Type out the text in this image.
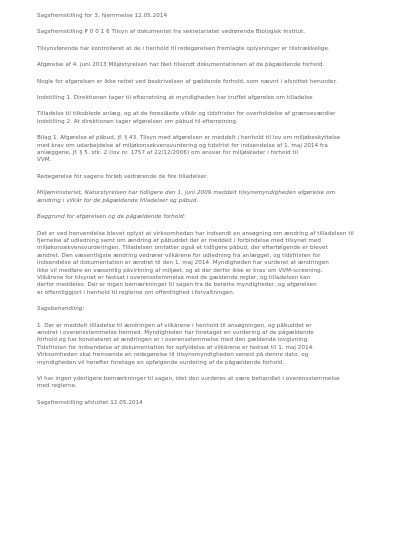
Sagsfremstilling for 3. hjemmelse 12.05.2014
Sagsfremstilling P 0 0 1 6 Tilsyn af dokumentet fra sekretariatet vedrørende Biologisk Institut.
Tilsynsførende har kontrolleret at de i henhold til redegørelsen fremlagte oplysninger er tilstrækkelige.
Afgørelse af 4. juni 2013 Miljøstyrelsen har fået tilsendt dokumentationen af de pågældende forhold.
Nogle for afgørelsen er ikke rettet ved beskrivelsen af gældende forhold, som nævnt i afsnittet herunder.
Indstilling 1. Direktionen tager til efterretning at myndigheden har truffet afgørelse om tilladelse
Tilladelse til tilkoblede anlæg, og at de foreslåede vilkår og tidsfrister for overholdelse af grænseværdier
Indstilling 2. At direktionen tager afgørelsen om påbud til efterretning.
Bilag 1. Afgørelse af påbud, jf. § 43. Tilsyn med afgørelsen er meddelt i henhold til lov om miljøbeskyttelse
med krav om udarbejdelse af miljøkonsekvensvurdering og tidsfrist for indsendelse af 1. maj 2014 fra
anlæggene, jf. § 5. stk. 2 (lov nr. 1757 af 22/12/2006) om ansvar for miljøskader i forhold til
VVM.
Redegørelse for sagens forløb vedrørende de fire tilladelser.
Miljøministeriet, Naturstyrelsen har tidligere den 1. juni 2009 meddelt tilsynsmyndigheden afgørelse om
ændring i vilkår for de pågældende tilladelser og påbud.
Baggrund for afgørelsen og de pågældende forhold:
Det er ved henvendelse blevet oplyst at virksomheden har indsendt en ansøgning om ændring af tilladelsen til
fjernelse af udledning samt om ændring af påbuddet der er meddelt i forbindelse med tilsynet med
miljøkonsekvensvurderingen. Tilladelsen omfatter også et tidligere påbud, der efterfølgende er blevet
ændret. Den væsentligste ændring vedrører vilkårene for udledning fra anlægget, og tidsfristen for
indsendelse af dokumentation er ændret til den 1. maj 2014. Myndigheden har vurderet at ændringen
ikke vil medføre en væsentlig påvirkning af miljøet, og at der derfor ikke er krav om VVM-screening.
Vilkårene for tilsynet er fastsat i overensstemmelse med de gældende regler, og tilladelsen kan
derfor meddeles. Der er ingen bemærkninger til sagen fra de berørte myndigheder, og afgørelsen
er offentliggjort i henhold til reglerne om offentlighed i forvaltningen.
Sagsbehandling:
1. Der er meddelt tilladelse til ændringen af vilkårene i henhold til ansøgningen, og påbuddet er
ændret i overensstemmelse hermed. Myndigheden har foretaget en vurdering af de pågældende
forhold og har konstateret at ændringen er i overensstemmelse med den gældende lovgivning.
Tidsfristen for indsendelse af dokumentation for opfyldelse af vilkårene er fastsat til 1. maj 2014.
Virksomheden skal fremsende en redegørelse til tilsynsmyndigheden senest på denne dato, og
myndigheden vil herefter foretage en opfølgende vurdering af de pågældende forhold.
Vi har ingen yderligere bemærkninger til sagen, idet den vurderes at være behandlet i overensstemmelse
med reglerne.
Sagsfremstilling afsluttet 12.05.2014
